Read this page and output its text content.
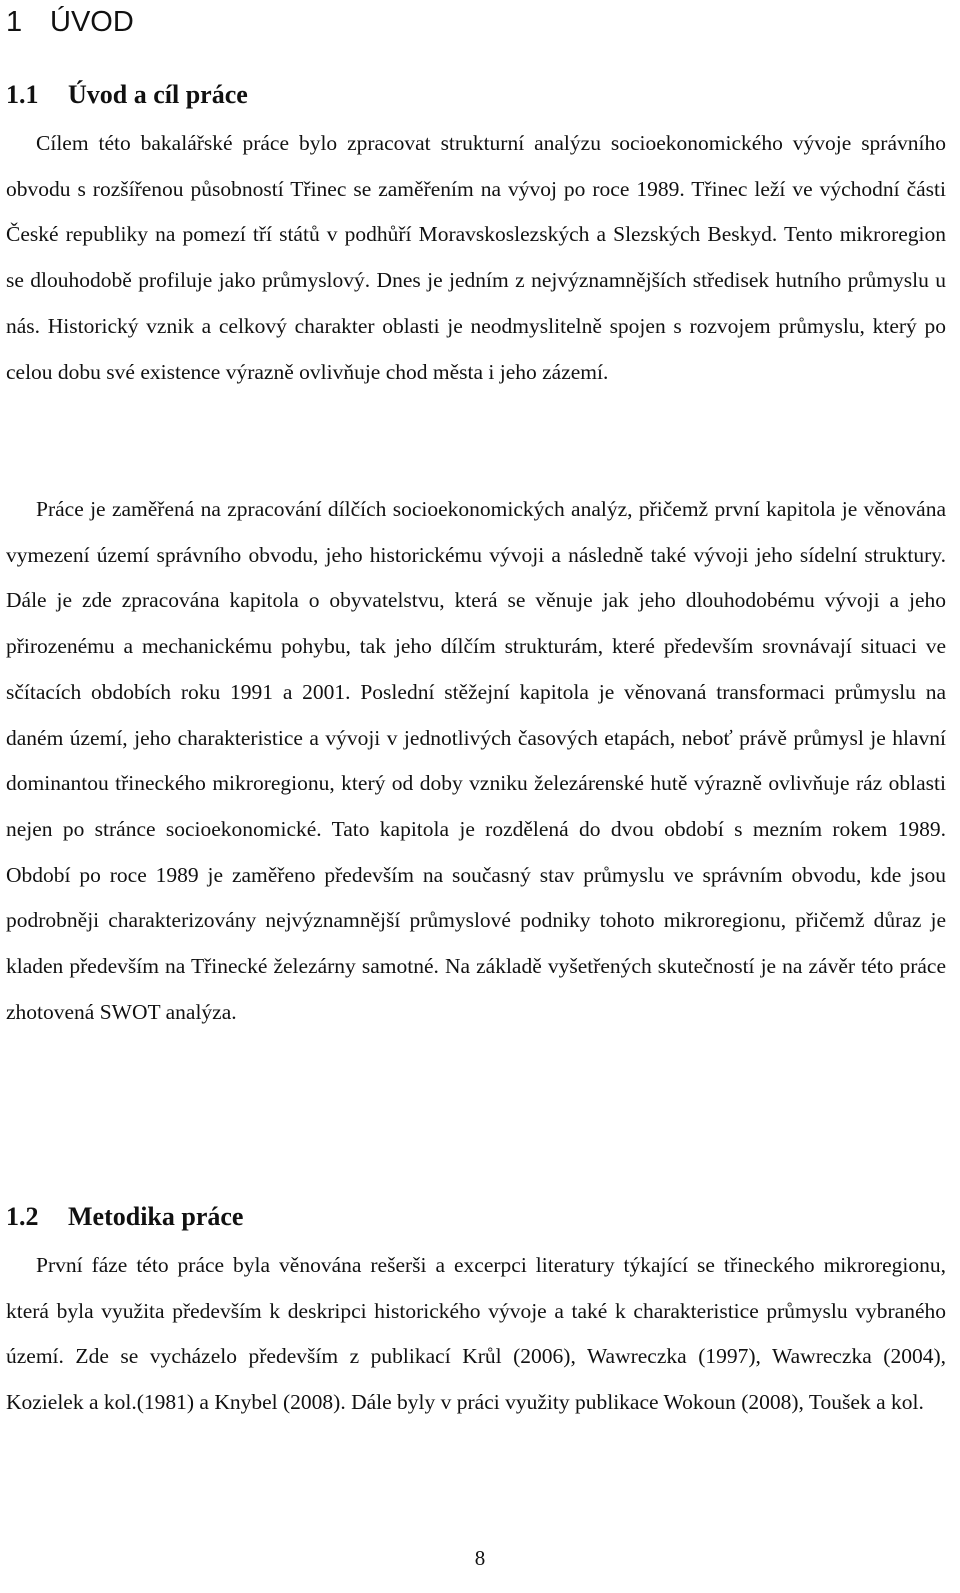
1 ÚVOD
1.1 Úvod a cíl práce

Cílem této bakalářské práce bylo zpracovat strukturní analýzu socioekonomického vývoje správního obvodu s rozšířenou působností Třinec se zaměřením na vývoj po roce 1989. Třinec leží ve východní části České republiky na pomezí tří států v podhůří Moravskoslezských a Slezských Beskyd. Tento mikroregion se dlouhodobě profiluje jako průmyslový. Dnes je jedním z nejvýznamnějších středisek hutního průmyslu u nás. Historický vznik a celkový charakter oblasti je neodmyslitelně spojen s rozvojem průmyslu, který po celou dobu své existence výrazně ovlivňuje chod města i jeho zázemí.

Práce je zaměřená na zpracování dílčích socioekonomických analýz, přičemž první kapitola je věnována vymezení území správního obvodu, jeho historickému vývoji a následně také vývoji jeho sídelní struktury. Dále je zde zpracována kapitola o obyvatelstvu, která se věnuje jak jeho dlouhodobému vývoji a jeho přirozenému a mechanickému pohybu, tak jeho dílčím strukturám, které především srovnávají situaci ve sčítacích obdobích roku 1991 a 2001. Poslední stěžejní kapitola je věnovaná transformaci průmyslu na daném území, jeho charakteristice a vývoji v jednotlivých časových etapách, neboť právě průmysl je hlavní dominantou třineckého mikroregionu, který od doby vzniku železárenské hutě výrazně ovlivňuje ráz oblasti nejen po stránce socioekonomické. Tato kapitola je rozdělená do dvou období s mezním rokem 1989. Období po roce 1989 je zaměřeno především na současný stav průmyslu ve správním obvodu, kde jsou podrobněji charakterizovány nejvýznamnější průmyslové podniky tohoto mikroregionu, přičemž důraz je kladen především na Třinecké železárny samotné. Na základě vyšetřených skutečností je na závěr této práce zhotovená SWOT analýza.

1.2 Metodika práce

První fáze této práce byla věnována rešerši a excerpci literatury týkající se třineckého mikroregionu, která byla využita především k deskripci historického vývoje a také k charakteristice průmyslu vybraného území. Zde se vycházelo především z publikací Krůl (2006), Wawreczka (1997), Wawreczka (2004), Kozielek a kol.(1981) a Knybel (2008). Dále byly v práci využity publikace Wokoun (2008), Toušek a kol.

8
